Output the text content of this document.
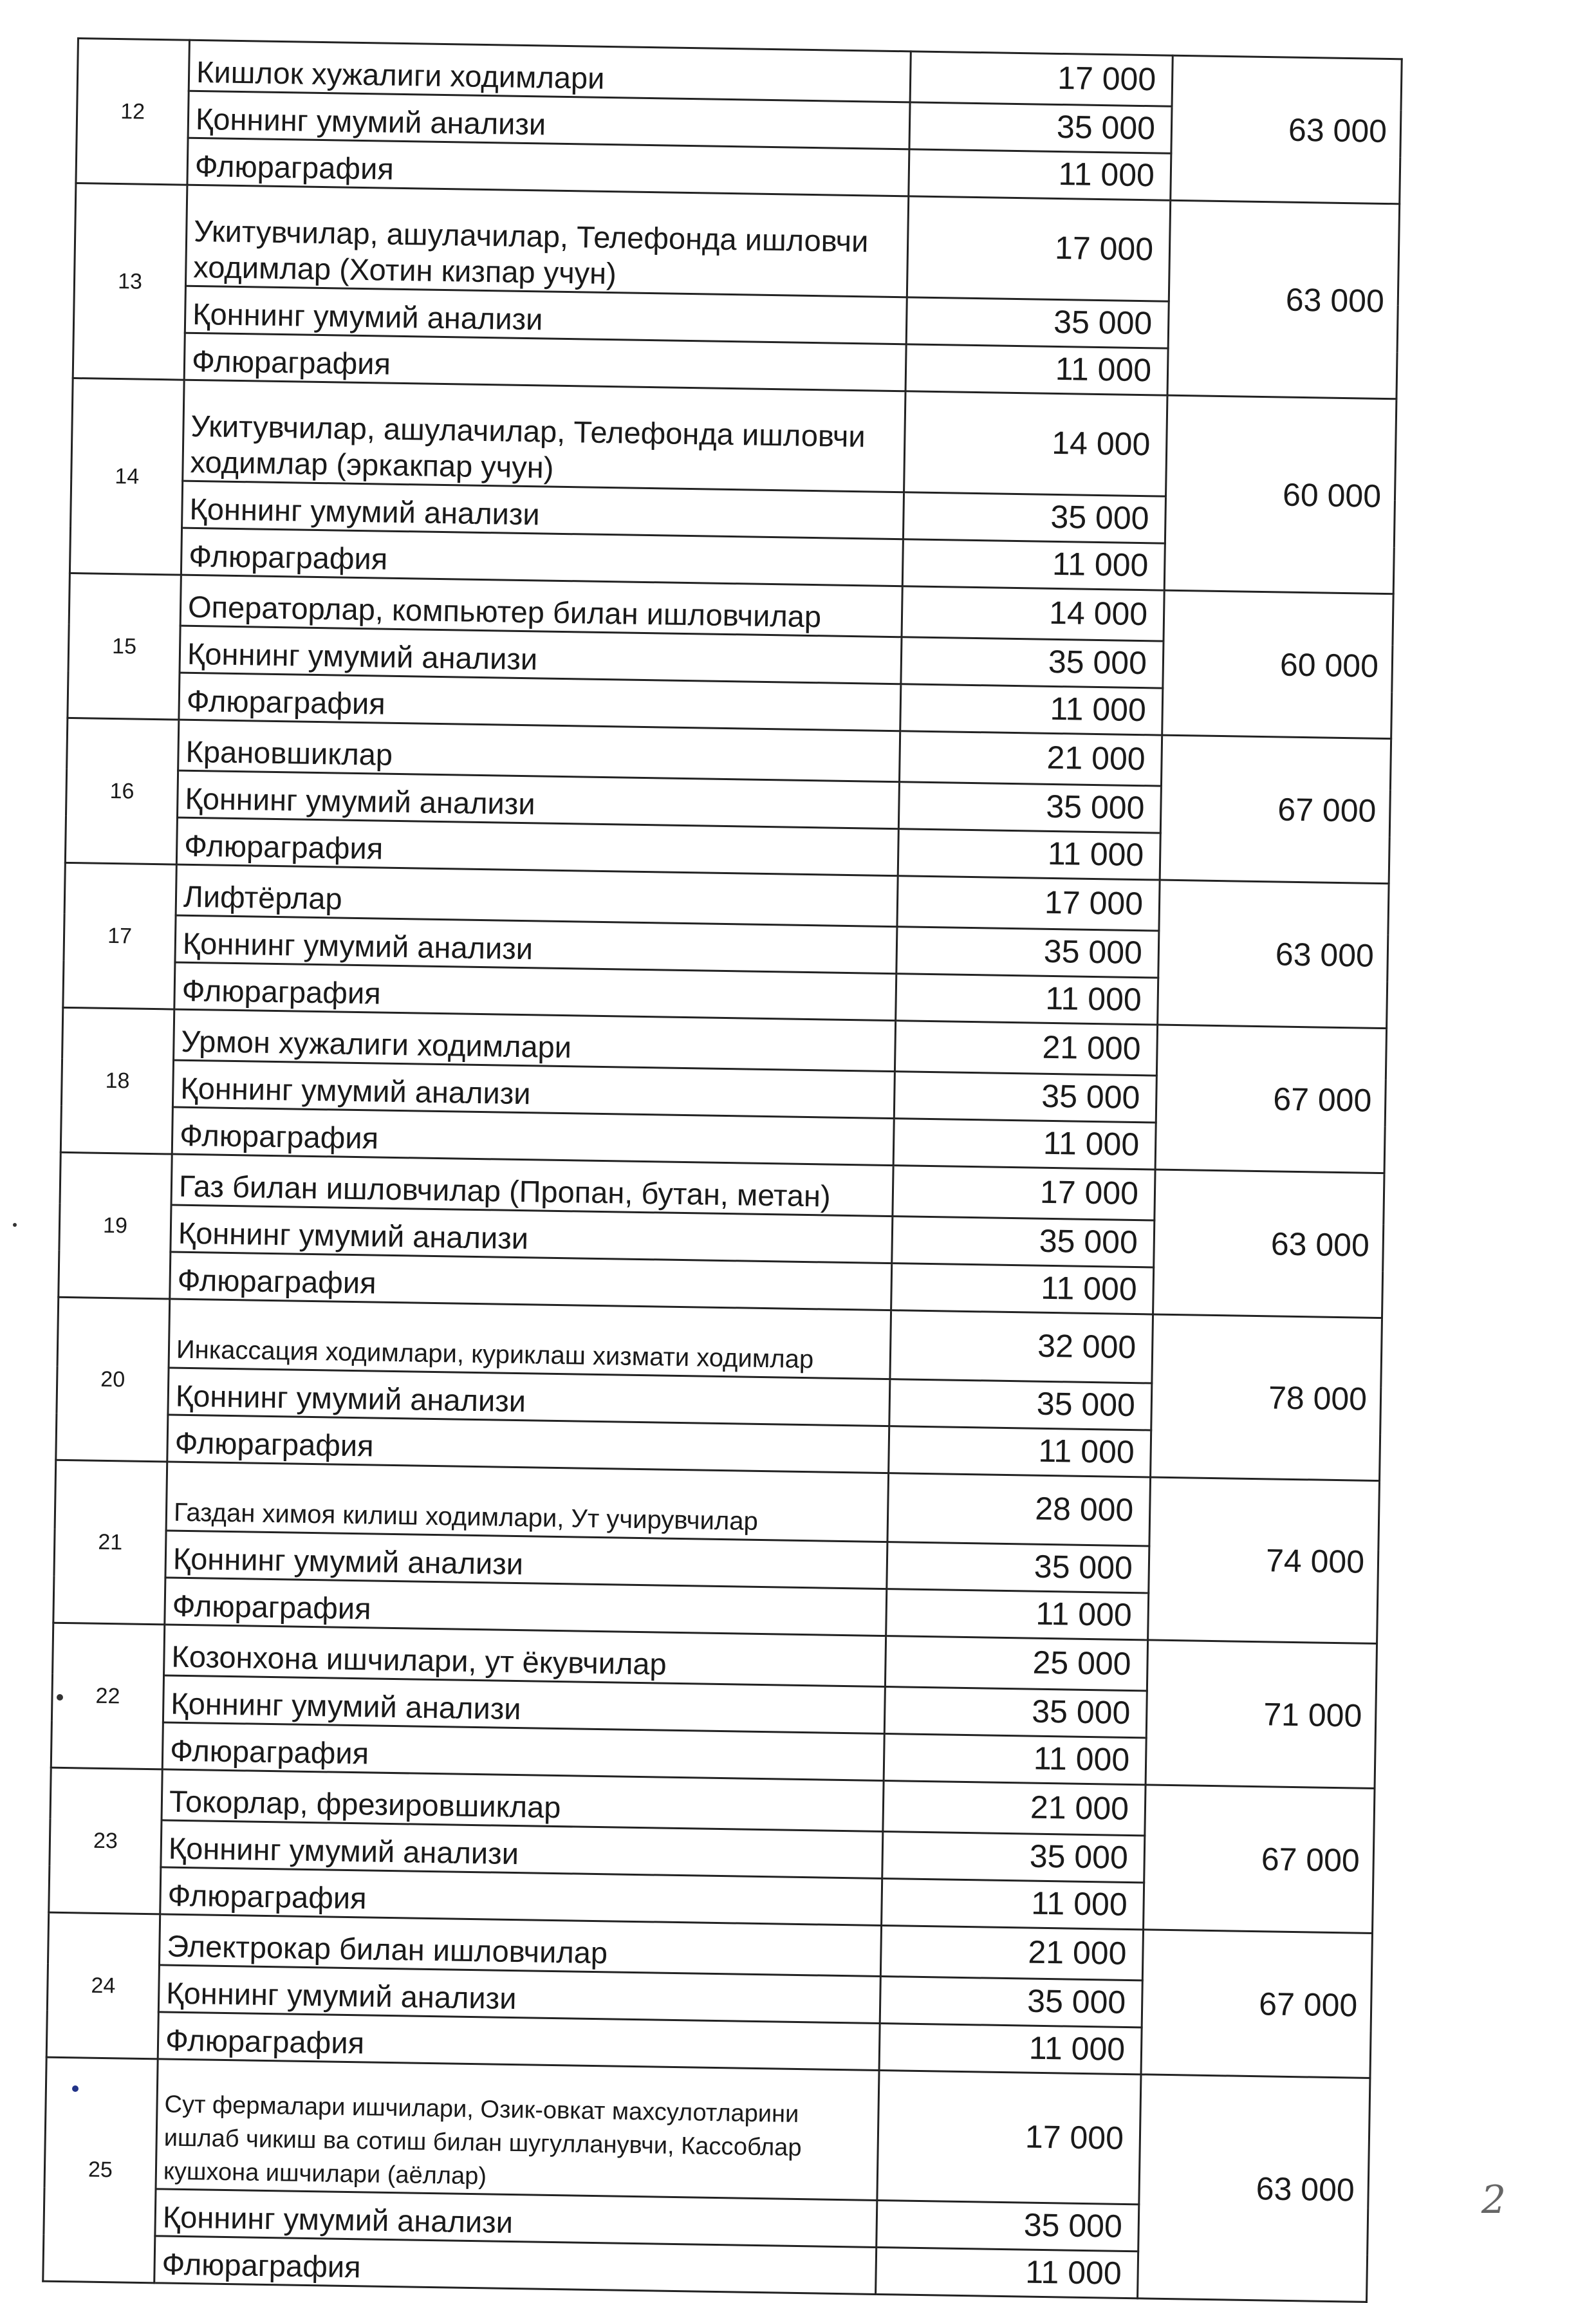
12	Кишлок хужалиги ходимлари	17 000	63 000
	Қоннинг умумий анализи	35 000	
	Флюраграфия	11 000	
13	Укитувчилар, ашулачилар, Телефонда ишловчи ходимлар (Хотин кизпар учун)	17 000	63 000
	Қоннинг умумий анализи	35 000	
	Флюраграфия	11 000	
14	Укитувчилар, ашулачилар, Телефонда ишловчи ходимлар (эркакпар учун)	14 000	60 000
	Қоннинг умумий анализи	35 000	
	Флюраграфия	11 000	
15	Операторлар, компьютер билан ишловчилар	14 000	60 000
	Қоннинг умумий анализи	35 000	
	Флюраграфия	11 000	
16	Крановшиклар	21 000	67 000
	Қоннинг умумий анализи	35 000	
	Флюраграфия	11 000	
17	Лифтёрлар	17 000	63 000
	Қоннинг умумий анализи	35 000	
	Флюраграфия	11 000	
18	Урмон хужалиги ходимлари	21 000	67 000
	Қоннинг умумий анализи	35 000	
	Флюраграфия	11 000	
19	Газ билан ишловчилар (Пропан, бутан, метан)	17 000	63 000
	Қоннинг умумий анализи	35 000	
	Флюраграфия	11 000	
20	Инкассация ходимлари, куриклаш хизмати ходимлар	32 000	78 000
	Қоннинг умумий анализи	35 000	
	Флюраграфия	11 000	
21	Газдан химоя килиш ходимлари, Ут учирувчилар	28 000	74 000
	Қоннинг умумий анализи	35 000	
	Флюраграфия	11 000	
22	Козонхона ишчилари, ут ёкувчилар	25 000	71 000
	Қоннинг умумий анализи	35 000	
	Флюраграфия	11 000	
23	Токорлар, фрезировшиклар	21 000	67 000
	Қоннинг умумий анализи	35 000	
	Флюраграфия	11 000	
24	Электрокар билан ишловчилар	21 000	67 000
	Қоннинг умумий анализи	35 000	
	Флюраграфия	11 000	
25	Сут фермалари ишчилари, Озик-овкат махсулотларини ишлаб чикиш ва сотиш билан шугулланувчи, Кассоблар кушхона ишчилари (аёллар)	17 000	63 000
	Қоннинг умумий анализи	35 000	
	Флюраграфия	11 000	
2
